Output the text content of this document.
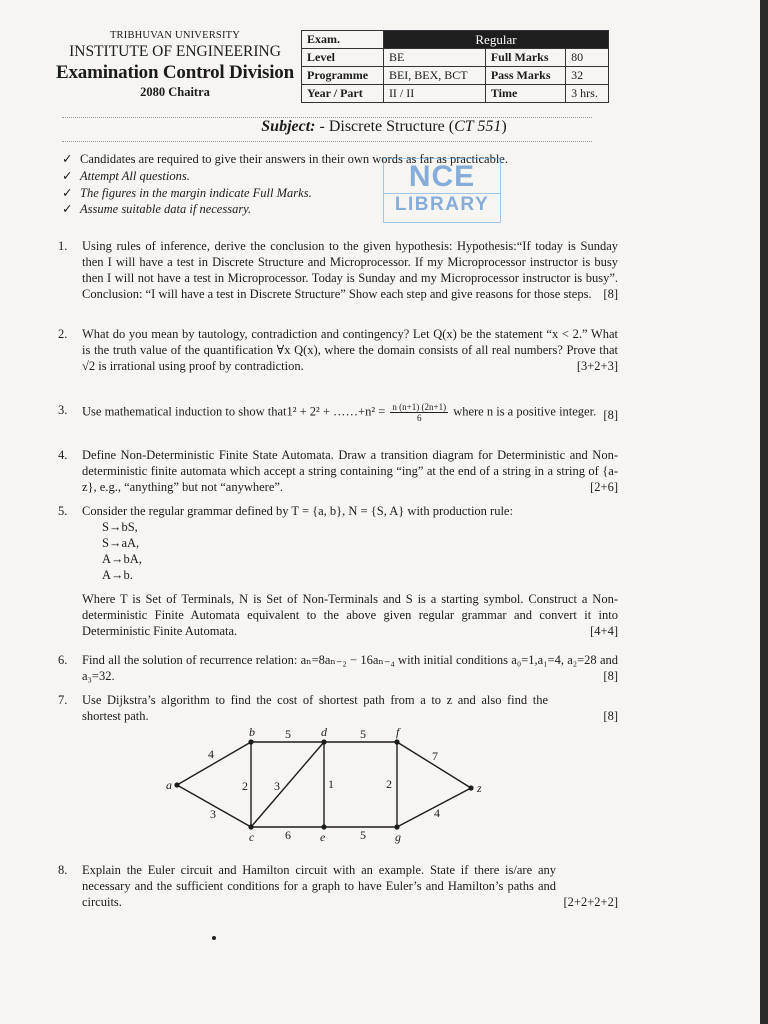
TRIBHUVAN UNIVERSITY
INSTITUTE OF ENGINEERING
Examination Control Division
2080 Chaitra
Exam.	Regular		
Level	BE	Full Marks	80
Programme	BEI, BEX, BCT	Pass Marks	32
Year / Part	II / II	Time	3 hrs.
Subject: - Discrete Structure (CT 551)
✓ Candidates are required to give their answers in their own words as far as practicable.
✓ Attempt All questions.
✓ The figures in the margin indicate Full Marks.
✓ Assume suitable data if necessary.
NCE
LIBRARY
1. Using rules of inference, derive the conclusion to the given hypothesis: Hypothesis:“If today is Sunday then I will have a test in Discrete Structure and Microprocessor. If my Microprocessor instructor is busy then I will not have a test in Microprocessor. Today is Sunday and my Microprocessor instructor is busy”. Conclusion: “I will have a test in Discrete Structure” Show each step and give reasons for those steps. [8]
2. What do you mean by tautology, contradiction and contingency? Let Q(x) be the statement “x < 2.” What is the truth value of the quantification ∀x Q(x), where the domain consists of all real numbers? Prove that √2 is irrational using proof by contradiction.	[3+2+3]
3. Use mathematical induction to show that1² + 2² + ……+n² = $\frac{n (n+1) (2n+1)}{6}$ where n is a positive integer. [8]
4. Define Non-Deterministic Finite State Automata. Draw a transition diagram for Deterministic and Non-deterministic finite automata which accept a string containing “ing” at the end of a string in a string of {a-z}, e.g., “anything” but not “anywhere”.	[2+6]
5. Consider the regular grammar defined by T = {a, b}, N = {S, A} with production rule:
S→bS,
S→aA,
A→bA,
A→b.
Where T is Set of Terminals, N is Set of Non-Terminals and S is a starting symbol. Construct a Non-deterministic Finite Automata equivalent to the above given regular grammar and convert it into Deterministic Finite Automata.	[4+4]
6. Find all the solution of recurrence relation: aₙ=8aₙ₋₂ − 16aₙ₋₄ with initial conditions a₀=1,a₁=4, a₂=28 and a₃=32.	[8]
7. Use Dijkstra’s algorithm to find the cost of shortest path from a to z and also find the shortest path.	[8]
a
b
c
d
e
f
g
z
4
3
2
5
3
6
1
5
5
2
7
4
8. Explain the Euler circuit and Hamilton circuit with an example. State if there is/are any necessary and the sufficient conditions for a graph to have Euler’s and Hamilton’s paths and circuits.	[2+2+2+2]
